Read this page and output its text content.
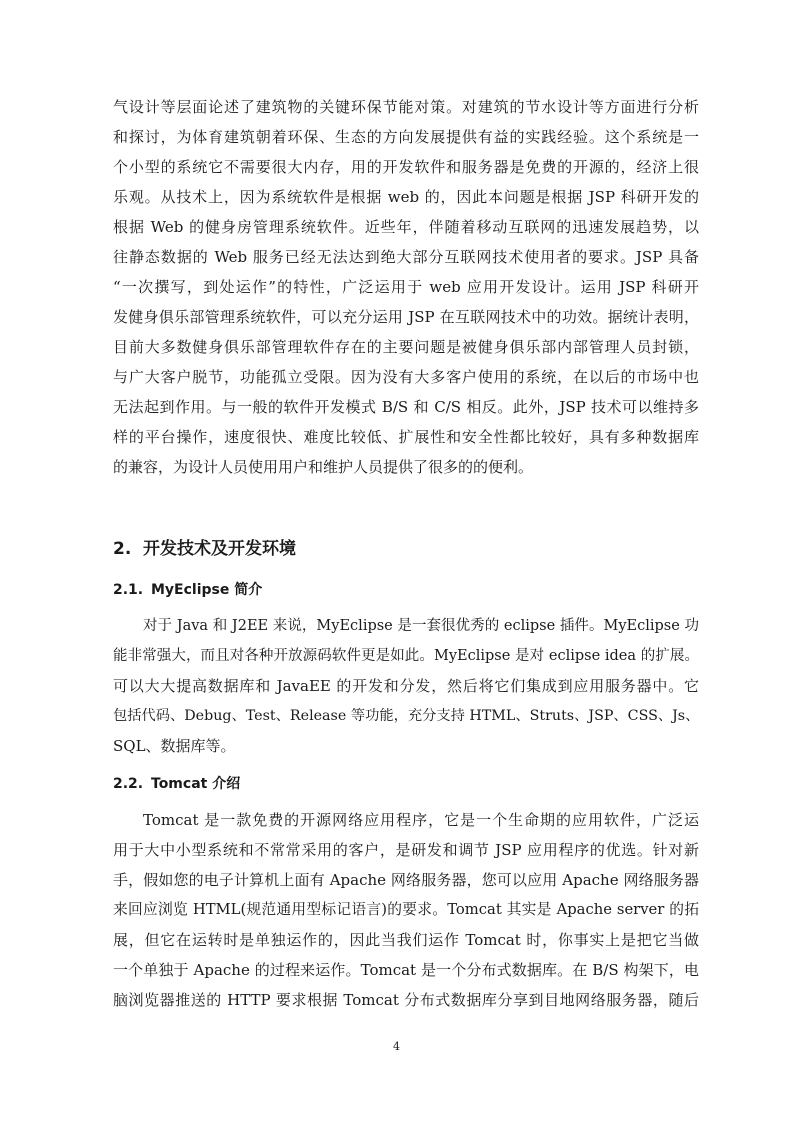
气设计等层面论述了建筑物的关键环保节能对策。对建筑的节水设计等方面进行分析
和探讨，为体育建筑朝着环保、生态的方向发展提供有益的实践经验。这个系统是一
个小型的系统它不需要很大内存，用的开发软件和服务器是免费的开源的，经济上很
乐观。从技术上，因为系统软件是根据 web 的，因此本问题是根据 JSP 科研开发的
根据 Web 的健身房管理系统软件。近些年，伴随着移动互联网的迅速发展趋势，以
往静态数据的 Web 服务已经无法达到绝大部分互联网技术使用者的要求。JSP 具备
“一次撰写，到处运作”的特性，广泛运用于 web 应用开发设计。运用 JSP 科研开
发健身俱乐部管理系统软件，可以充分运用 JSP 在互联网技术中的功效。据统计表明，
目前大多数健身俱乐部管理软件存在的主要问题是被健身俱乐部内部管理人员封锁，
与广大客户脱节，功能孤立受限。因为没有大多客户使用的系统，在以后的市场中也
无法起到作用。与一般的软件开发模式 B/S 和 C/S 相反。此外，JSP 技术可以维持多
样的平台操作，速度很快、难度比较低、扩展性和安全性都比较好，具有多种数据库
的兼容，为设计人员使用用户和维护人员提供了很多的的便利。
2. 开发技术及开发环境
2.1. MyEclipse 简介
对于 Java 和 J2EE 来说，MyEclipse 是一套很优秀的 eclipse 插件。MyEclipse 功
能非常强大，而且对各种开放源码软件更是如此。MyEclipse 是对 eclipse idea 的扩展。
可以大大提高数据库和 JavaEE 的开发和分发，然后将它们集成到应用服务器中。它
包括代码、Debug、Test、Release 等功能，充分支持 HTML、Struts、JSP、CSS、Js、
SQL、数据库等。
2.2. Tomcat 介绍
Tomcat 是一款免费的开源网络应用程序，它是一个生命期的应用软件，广泛运
用于大中小型系统和不常常采用的客户，是研发和调节 JSP 应用程序的优选。针对新
手，假如您的电子计算机上面有 Apache 网络服务器，您可以应用 Apache 网络服务器
来回应浏览 HTML(规范通用型标记语言)的要求。Tomcat 其实是 Apache server 的拓
展，但它在运转时是单独运作的，因此当我们运作 Tomcat 时，你事实上是把它当做
一个单独于 Apache 的过程来运作。Tomcat 是一个分布式数据库。在 B/S 构架下，电
脑浏览器推送的 HTTP 要求根据 Tomcat 分布式数据库分享到目地网络服务器，随后
4
